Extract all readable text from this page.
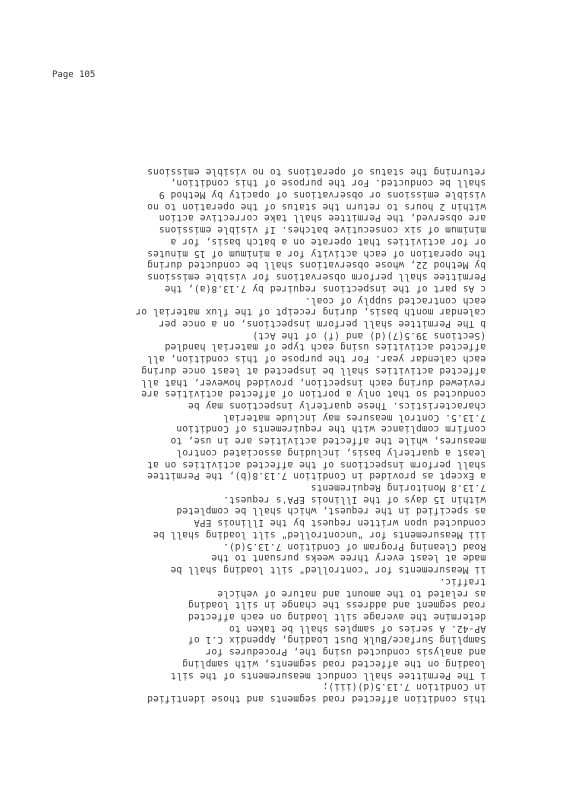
this condition affected road segments and those identified
in Condition 7.13.5(d)(iii);
i The Permittee shall conduct measurements of the silt
loading on the affected road segments, with sampling
and analysis conducted using the, Procedures for
Sampling Surface/Bulk Dust Loading, Appendix C.1 of
AP-42. A series of samples shall be taken to
determine the average silt loading on each affected
road segment and address the change in silt loading
as related to the amount and nature of vehicle
traffic.
ii Measurements for "controlled" silt loading shall be
made at least every three weeks pursuant to the
Road Cleaning Program of Condition 7.13.5(d).
iii Measurements for "uncontrolled" silt loading shall be
conducted upon written request by the Illinois EPA
as specified in the request, which shall be completed
within 15 days of the Illinois EPA's request.
7.13.8 Monitoring Requirements
a Except as provided in Condition 7.13.8(b), the Permittee
shall perform inspections of the affected activities on at
least a quarterly basis, including associated control
measures, while the affected activities are in use, to
confirm compliance with the requirements of Condition
7.13.5. Control measures may include material
characteristics. These quarterly inspections may be
conducted so that only a portion of affected activities are
reviewed during each inspection, provided however, that all
affected activities shall be inspected at least once during
each calendar year. For the purpose of this condition, all
affected activities using each type of material handled
(Sections 39.5(7)(d) and (f) of the Act)
b The Permittee shall perform inspections, on a once per
calendar month basis, during receipt of the flux material or
each contracted supply of coal.
c As part of the inspections required by 7.13.8(a), the
Permittee shall perform observations for visible emissions
by Method 22, whose observations shall be conducted during
the operation of each activity for a minimum of 15 minutes
or for activities that operate on a batch basis, for a
minimum of six consecutive batches. If visible emissions
are observed, the Permittee shall take corrective action
within 2 hours to return the status of the operation to no
visible emissions or observations of opacity by Method 9
shall be conducted. For the purpose of this condition,
returning the status of operations to no visible emissions
Page 105
